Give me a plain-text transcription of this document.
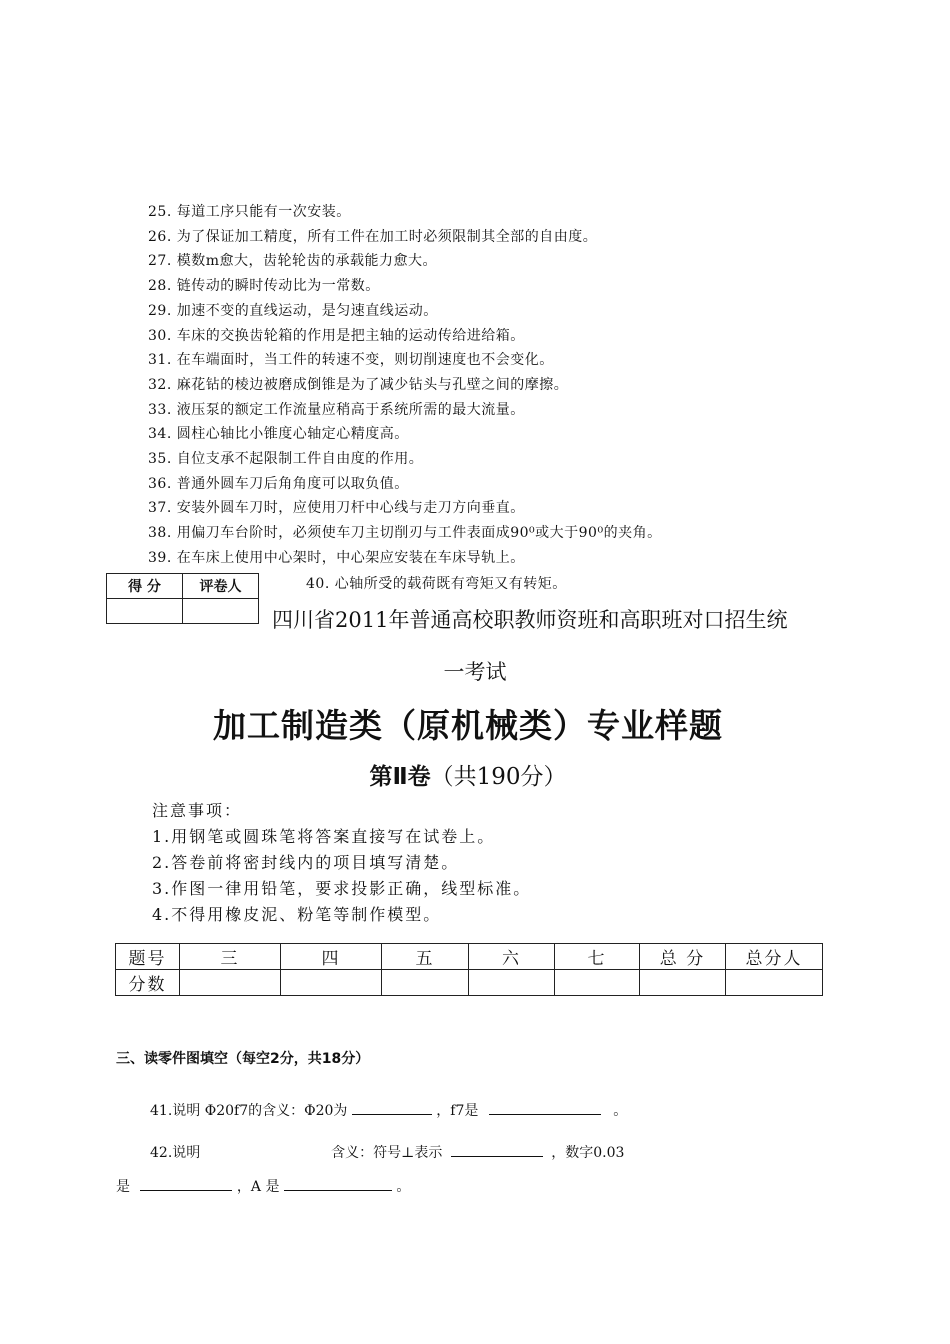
25. 每道工序只能有一次安装。
26. 为了保证加工精度，所有工件在加工时必须限制其全部的自由度。
27. 模数m愈大，齿轮轮齿的承载能力愈大。
28. 链传动的瞬时传动比为一常数。
29. 加速不变的直线运动，是匀速直线运动。
30. 车床的交换齿轮箱的作用是把主轴的运动传给进给箱。
31. 在车端面时，当工件的转速不变，则切削速度也不会变化。
32. 麻花钻的棱边被磨成倒锥是为了减少钻头与孔壁之间的摩擦。
33. 液压泵的额定工作流量应稍高于系统所需的最大流量。
34. 圆柱心轴比小锥度心轴定心精度高。
35. 自位支承不起限制工件自由度的作用。
36. 普通外圆车刀后角角度可以取负值。
37. 安装外圆车刀时，应使用刀杆中心线与走刀方向垂直。
38. 用偏刀车台阶时，必须使车刀主切削刃与工件表面成90⁰或大于90⁰的夹角。
39. 在车床上使用中心架时，中心架应安装在车床导轨上。
40. 心轴所受的载荷既有弯矩又有转矩。
得 分	评卷人

四川省2011年普通高校职教师资班和高职班对口招生统
一考试
加工制造类（原机械类）专业样题
第Ⅱ卷（共190分）
注意事项：
1.用钢笔或圆珠笔将答案直接写在试卷上。
2.答卷前将密封线内的项目填写清楚。
3.作图一律用铅笔，要求投影正确，线型标准。
4.不得用橡皮泥、粉笔等制作模型。
题号	三	四	五	六	七	总 分	总分人
分数							
三、读零件图填空（每空2分，共18分）
41.说明 Φ20f7的含义：Φ20为	，f7是	。
42.说明	含义：符号⊥表示	，数字0.03
是	，A 是	。
